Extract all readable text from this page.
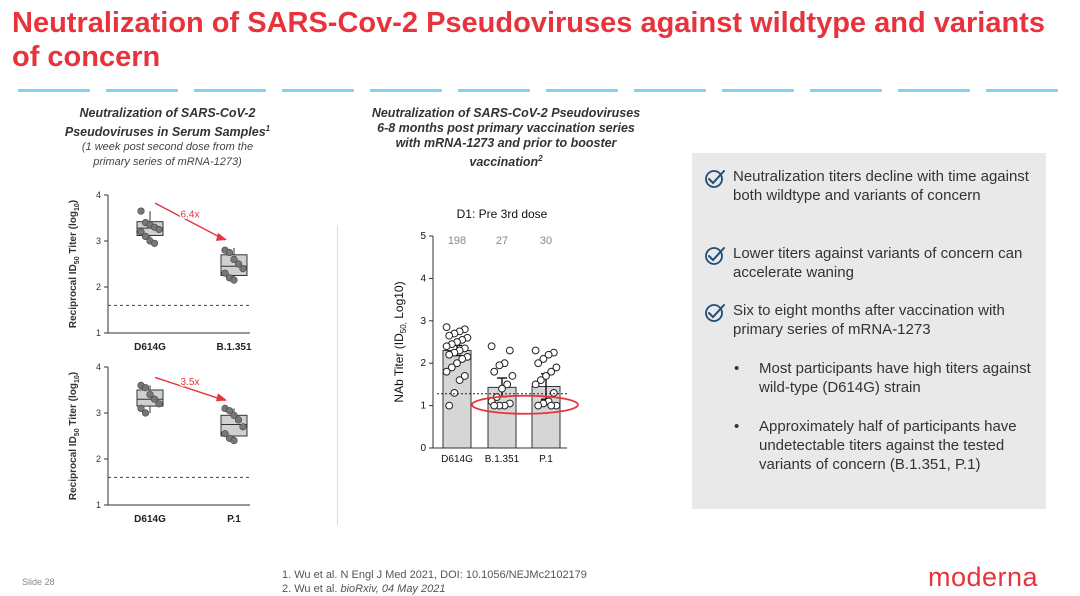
Neutralization of SARS-Cov-2 Pseudoviruses against wildtype and variants of concern
Neutralization of SARS-CoV-2
Pseudoviruses in Serum Samples$^1$
(1 week post second dose from the primary series of mRNA-1273)
Neutralization of SARS-CoV-2 Pseudoviruses 6-8 months post primary vaccination series with mRNA-1273 and prior to booster vaccination$^2$
1
2
3
4
Reciprocal $ID_{50}$ Titer $(\log_{10})$
D614G	B.1.351
6.4x
1
2
3
4
Reciprocal $ID_{50}$ Titer $(\log_{10})$
D614G	P.1
3.5x
D1: Pre 3rd dose
0
1
2
3
4
5
NAb Titer ($ID_{50,}$ Log10)
198
D614G
27
B.1.351
30
P.1
Neutralization titers decline with time against both wildtype and variants of concern
Lower titers against variants of concern can accelerate waning
Six to eight months after vaccination with primary series of mRNA-1273
• Most participants have high titers against wild-type (D614G) strain
• Approximately half of participants have undetectable titers against the tested variants of concern (B.1.351, P.1)
1. Wu et al. N Engl J Med 2021, DOI: 10.1056/NEJMc2102179
2. Wu et al. bioRxiv, 04 May 2021
Slide 28	moderna
